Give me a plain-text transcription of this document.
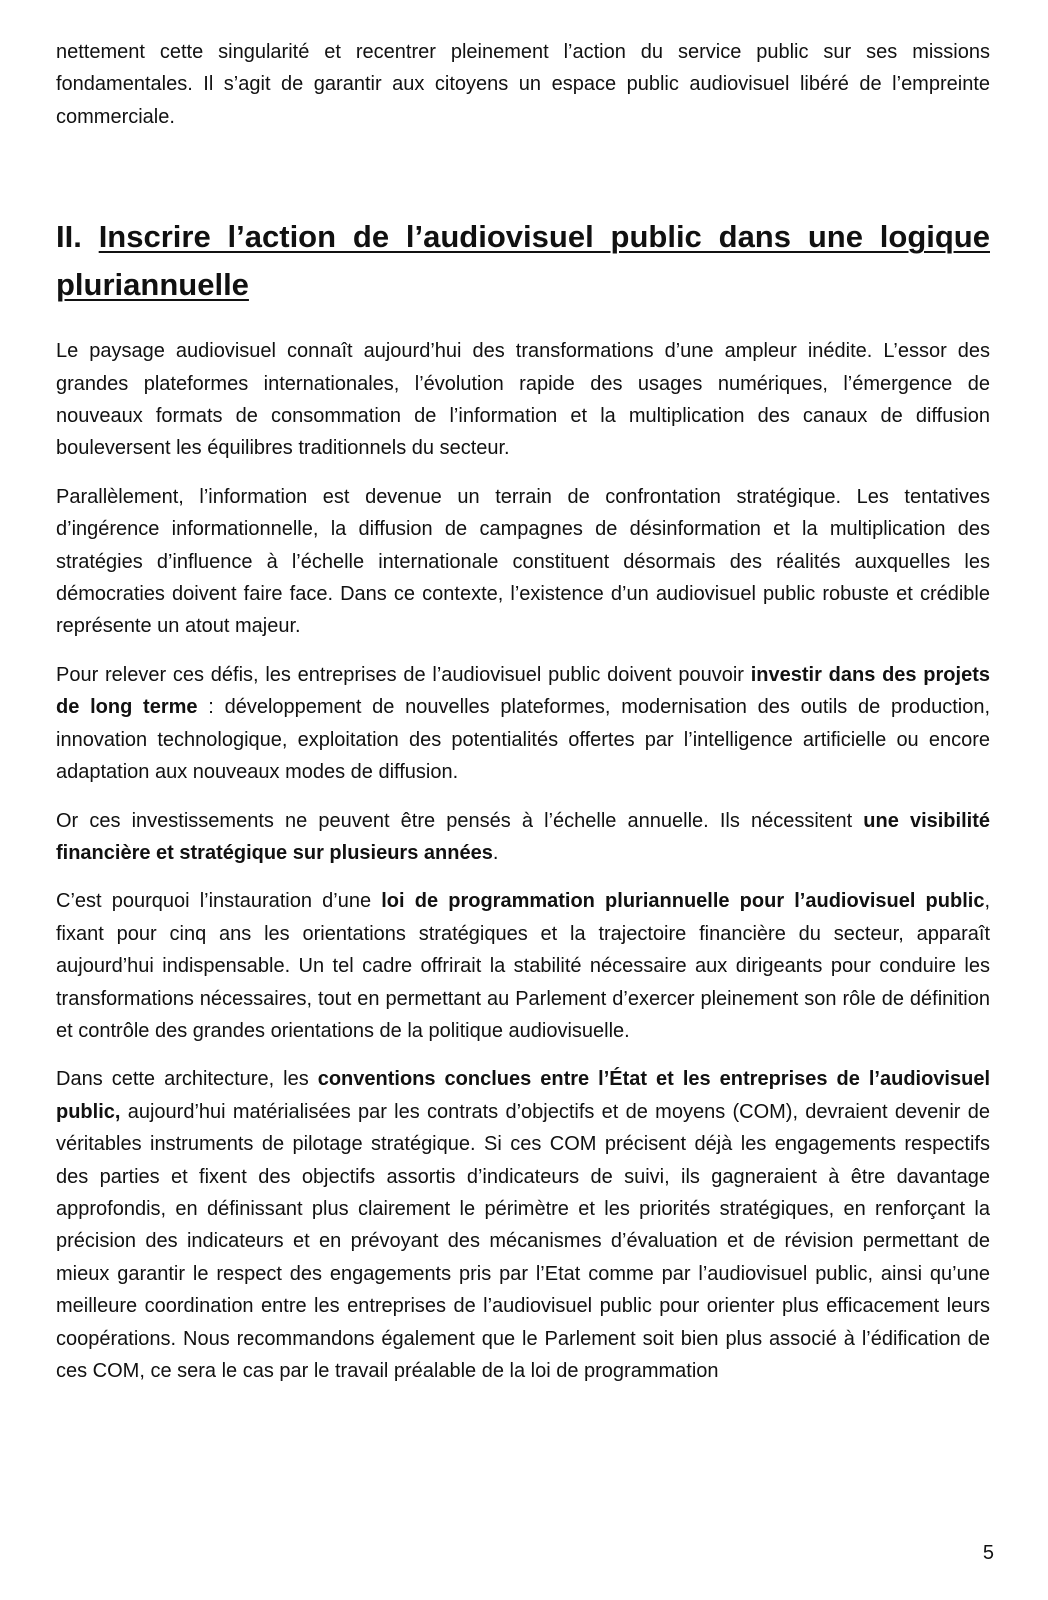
nettement cette singularité et recentrer pleinement l’action du service public sur ses missions fondamentales. Il s’agit de garantir aux citoyens un espace public audiovisuel libéré de l’empreinte commerciale.

II. Inscrire l’action de l’audiovisuel public dans une logique pluriannuelle

Le paysage audiovisuel connaît aujourd’hui des transformations d’une ampleur inédite. L’essor des grandes plateformes internationales, l’évolution rapide des usages numériques, l’émergence de nouveaux formats de consommation de l’information et la multiplication des canaux de diffusion bouleversent les équilibres traditionnels du secteur.

Parallèlement, l’information est devenue un terrain de confrontation stratégique. Les tentatives d’ingérence informationnelle, la diffusion de campagnes de désinformation et la multiplication des stratégies d’influence à l’échelle internationale constituent désormais des réalités auxquelles les démocraties doivent faire face. Dans ce contexte, l’existence d’un audiovisuel public robuste et crédible représente un atout majeur.

Pour relever ces défis, les entreprises de l’audiovisuel public doivent pouvoir investir dans des projets de long terme : développement de nouvelles plateformes, modernisation des outils de production, innovation technologique, exploitation des potentialités offertes par l’intelligence artificielle ou encore adaptation aux nouveaux modes de diffusion.

Or ces investissements ne peuvent être pensés à l’échelle annuelle. Ils nécessitent une visibilité financière et stratégique sur plusieurs années.

C’est pourquoi l’instauration d’une loi de programmation pluriannuelle pour l’audiovisuel public, fixant pour cinq ans les orientations stratégiques et la trajectoire financière du secteur, apparaît aujourd’hui indispensable. Un tel cadre offrirait la stabilité nécessaire aux dirigeants pour conduire les transformations nécessaires, tout en permettant au Parlement d’exercer pleinement son rôle de définition et contrôle des grandes orientations de la politique audiovisuelle.

Dans cette architecture, les conventions conclues entre l’État et les entreprises de l’audiovisuel public, aujourd’hui matérialisées par les contrats d’objectifs et de moyens (COM), devraient devenir de véritables instruments de pilotage stratégique. Si ces COM précisent déjà les engagements respectifs des parties et fixent des objectifs assortis d’indicateurs de suivi, ils gagneraient à être davantage approfondis, en définissant plus clairement le périmètre et les priorités stratégiques, en renforçant la précision des indicateurs et en prévoyant des mécanismes d’évaluation et de révision permettant de mieux garantir le respect des engagements pris par l’Etat comme par l’audiovisuel public, ainsi qu’une meilleure coordination entre les entreprises de l’audiovisuel public pour orienter plus efficacement leurs coopérations. Nous recommandons également que le Parlement soit bien plus associé à l’édification de ces COM, ce sera le cas par le travail préalable de la loi de programmation

5
